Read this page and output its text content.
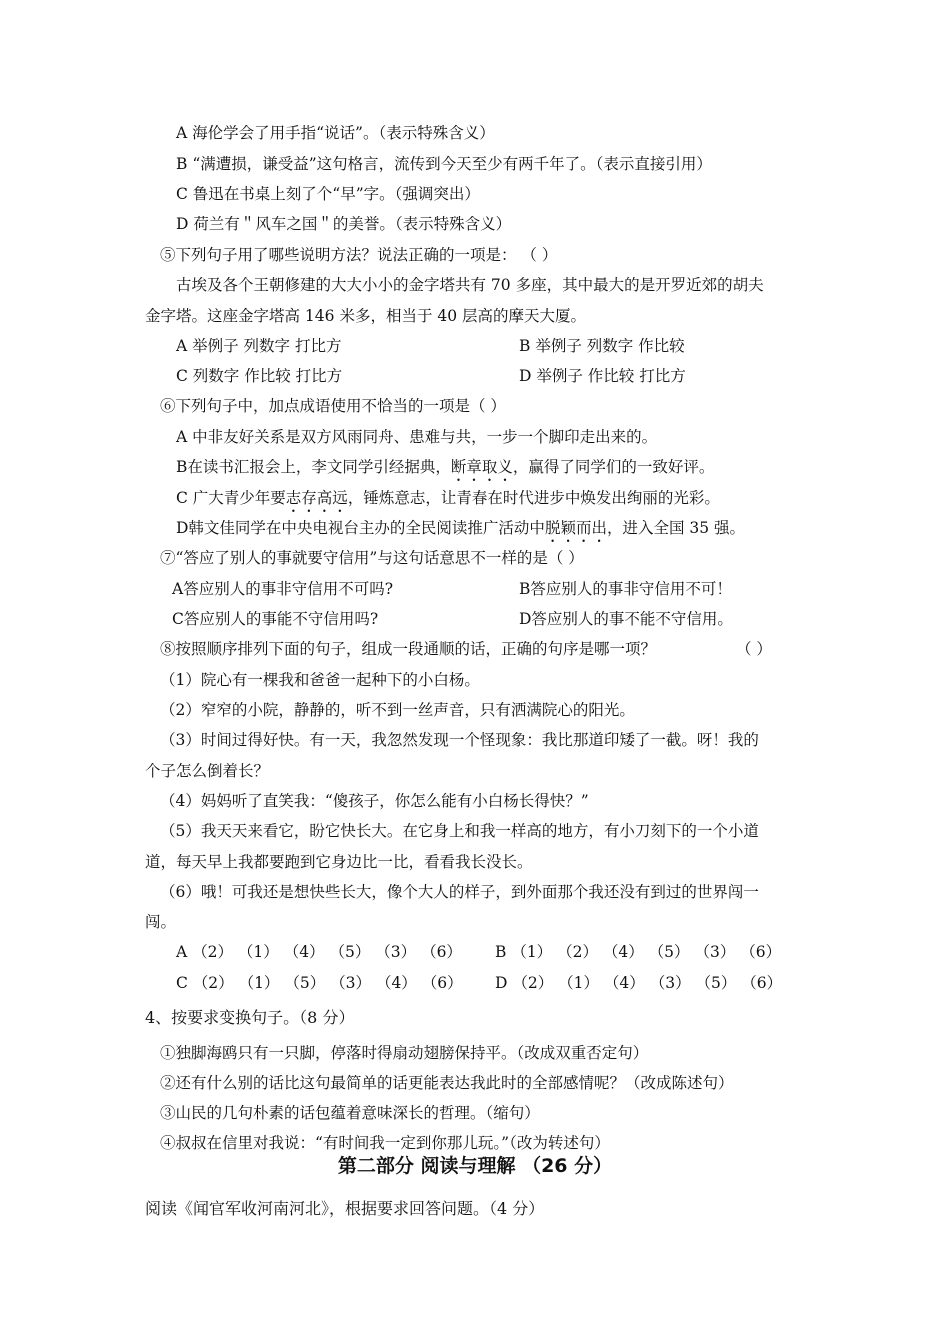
A 海伦学会了用手指“说话”。（表示特殊含义）
B “满遭损，谦受益”这句格言，流传到今天至少有两千年了。（表示直接引用）
C 鲁迅在书桌上刻了个“早”字。（强调突出）
D 荷兰有＂风车之国＂的美誉。（表示特殊含义）
⑤下列句子用了哪些说明方法？说法正确的一项是： （ ）
古埃及各个王朝修建的大大小小的金字塔共有 70 多座，其中最大的是开罗近郊的胡夫
金字塔。这座金字塔高 146 米多，相当于 40 层高的摩天大厦。
A 举例子 列数字 打比方	B 举例子 列数字 作比较
C 列数字 作比较 打比方	D 举例子 作比较 打比方
⑥下列句子中，加点成语使用不恰当的一项是（ ）
A 中非友好关系是双方风雨同舟、患难与共，一步一个脚印走出来的。
B在读书汇报会上，李文同学引经据典，断章取义，赢得了同学们的一致好评。
C 广大青少年要志存高远，锤炼意志，让青春在时代进步中焕发出绚丽的光彩。
D韩文佳同学在中央电视台主办的全民阅读推广活动中脱颖而出，进入全国 35 强。
⑦“答应了别人的事就要守信用”与这句话意思不一样的是（ ）
A答应别人的事非守信用不可吗?	B答应别人的事非守信用不可！
C答应别人的事能不守信用吗?	D答应别人的事不能不守信用。
⑧按照顺序排列下面的句子，组成一段通顺的话，正确的句序是哪一项？	（ ）
（1）院心有一棵我和爸爸一起种下的小白杨。
（2）窄窄的小院，静静的，听不到一丝声音，只有洒满院心的阳光。
（3）时间过得好快。有一天，我忽然发现一个怪现象：我比那道印矮了一截。呀！我的
个子怎么倒着长？
（4）妈妈听了直笑我：“傻孩子，你怎么能有小白杨长得快？”
（5）我天天来看它，盼它快长大。在它身上和我一样高的地方，有小刀刻下的一个小道
道，每天早上我都要跑到它身边比一比，看看我长没长。
（6）哦！可我还是想快些长大，像个大人的样子，到外面那个我还没有到过的世界闯一
闯。
A （2） （1） （4） （5） （3） （6） B （1） （2） （4） （5） （3） （6）
C （2） （1） （5） （3） （4） （6） D （2） （1） （4） （3） （5） （6）
4、按要求变换句子。（8 分）
①独脚海鸥只有一只脚，停落时得扇动翅膀保持平。（改成双重否定句）
②还有什么别的话比这句最简单的话更能表达我此时的全部感情呢？（改成陈述句）
③山民的几句朴素的话包蕴着意味深长的哲理。（缩句）
④叔叔在信里对我说：“有时间我一定到你那儿玩。”（改为转述句）
第二部分 阅读与理解 （26 分）
阅读《闻官军收河南河北》，根据要求回答问题。（4 分）
